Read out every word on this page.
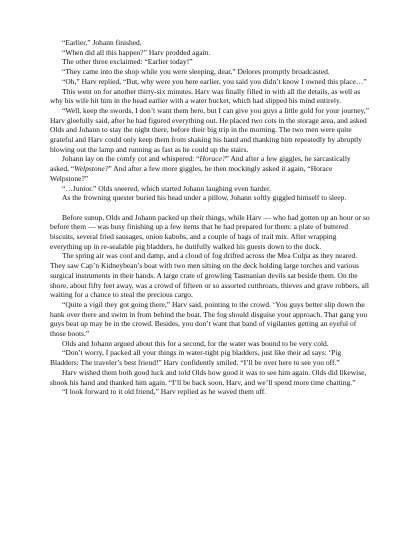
“Earlier,” Johann finished.

“When did all this happen?” Harv prodded again.

The other three exclaimed: “Earlier today!”

“They came into the shop while you were sleeping, dear,” Delores promptly broadcasted.

“Oh,” Harv replied, “But, why were you here earlier, you said you didn’t know I owned this place…”

This went on for another thirty-six minutes. Harv was finally filled in with all the details, as well as why his wife hit him in the head earlier with a water bucket, which had slipped his mind entirely.

“Well, keep the swords, I don’t want them here, but I can give you guys a little gold for your journey,” Harv gleefully said, after he had figured everything out. He placed two cots in the storage area, and asked Olds and Johann to stay the night there, before their big trip in the morning. The two men were quite grateful and Harv could only keep them from shaking his hand and thanking him repeatedly by abruptly blowing out the lamp and running as fast as he could up the stairs.

Johann lay on the comfy cot and whispered: “Horace?” And after a few giggles, he sarcastically asked, “Welpstone?” And after a few more giggles, he then mockingly asked it again, “Horace Welpstone?”

“…Junior.” Olds sneered, which started Johann laughing even harder.

As the frowning quester buried his head under a pillow, Johann softly giggled himself to sleep.

Before sunup, Olds and Johann packed up their things, while Harv — who had gotten up an hour or so before them — was busy finishing up a few items that he had prepared for them: a plate of buttered biscuits, several fried sausages, onion kabobs, and a couple of bags of trail mix. After wrapping everything up in re-sealable pig bladders, he dutifully walked his guests down to the dock.

The spring air was cool and damp, and a cloud of fog drifted across the Mea Culpa as they neared. They saw Cap’n Kidneybean’s boat with two men sitting on the deck holding large torches and various surgical instruments in their hands. A large crate of growling Tasmanian devils sat beside them. On the shore, about fifty feet away, was a crowd of fifteen or so assorted cutthroats, thieves and grave robbers, all waiting for a chance to steal the precious cargo.

“Quite a vigil they got going there,” Harv said, pointing to the crowd. ‘You guys better slip down the bank over there and swim in from behind the boat. The fog should disguise your approach. That gang you guys beat up may be in the crowd. Besides, you don’t want that band of vigilantes getting an eyeful of those boots.”

Olds and Johann argued about this for a second, for the water was bound to be very cold.

“Don’t worry, I packed all your things in water-tight pig bladders, just like their ad says: ‘Pig Bladders: The traveler’s best friend!” Harv confidently smiled. “I’ll be over here to see you off.”

Harv wished them both good luck and told Olds how good it was to see him again. Olds did likewise, shook his hand and thanked him again. “I’ll be back soon, Harv, and we’ll spend more time chatting.”

“I look forward to it old friend,” Harv replied as he waved them off.
